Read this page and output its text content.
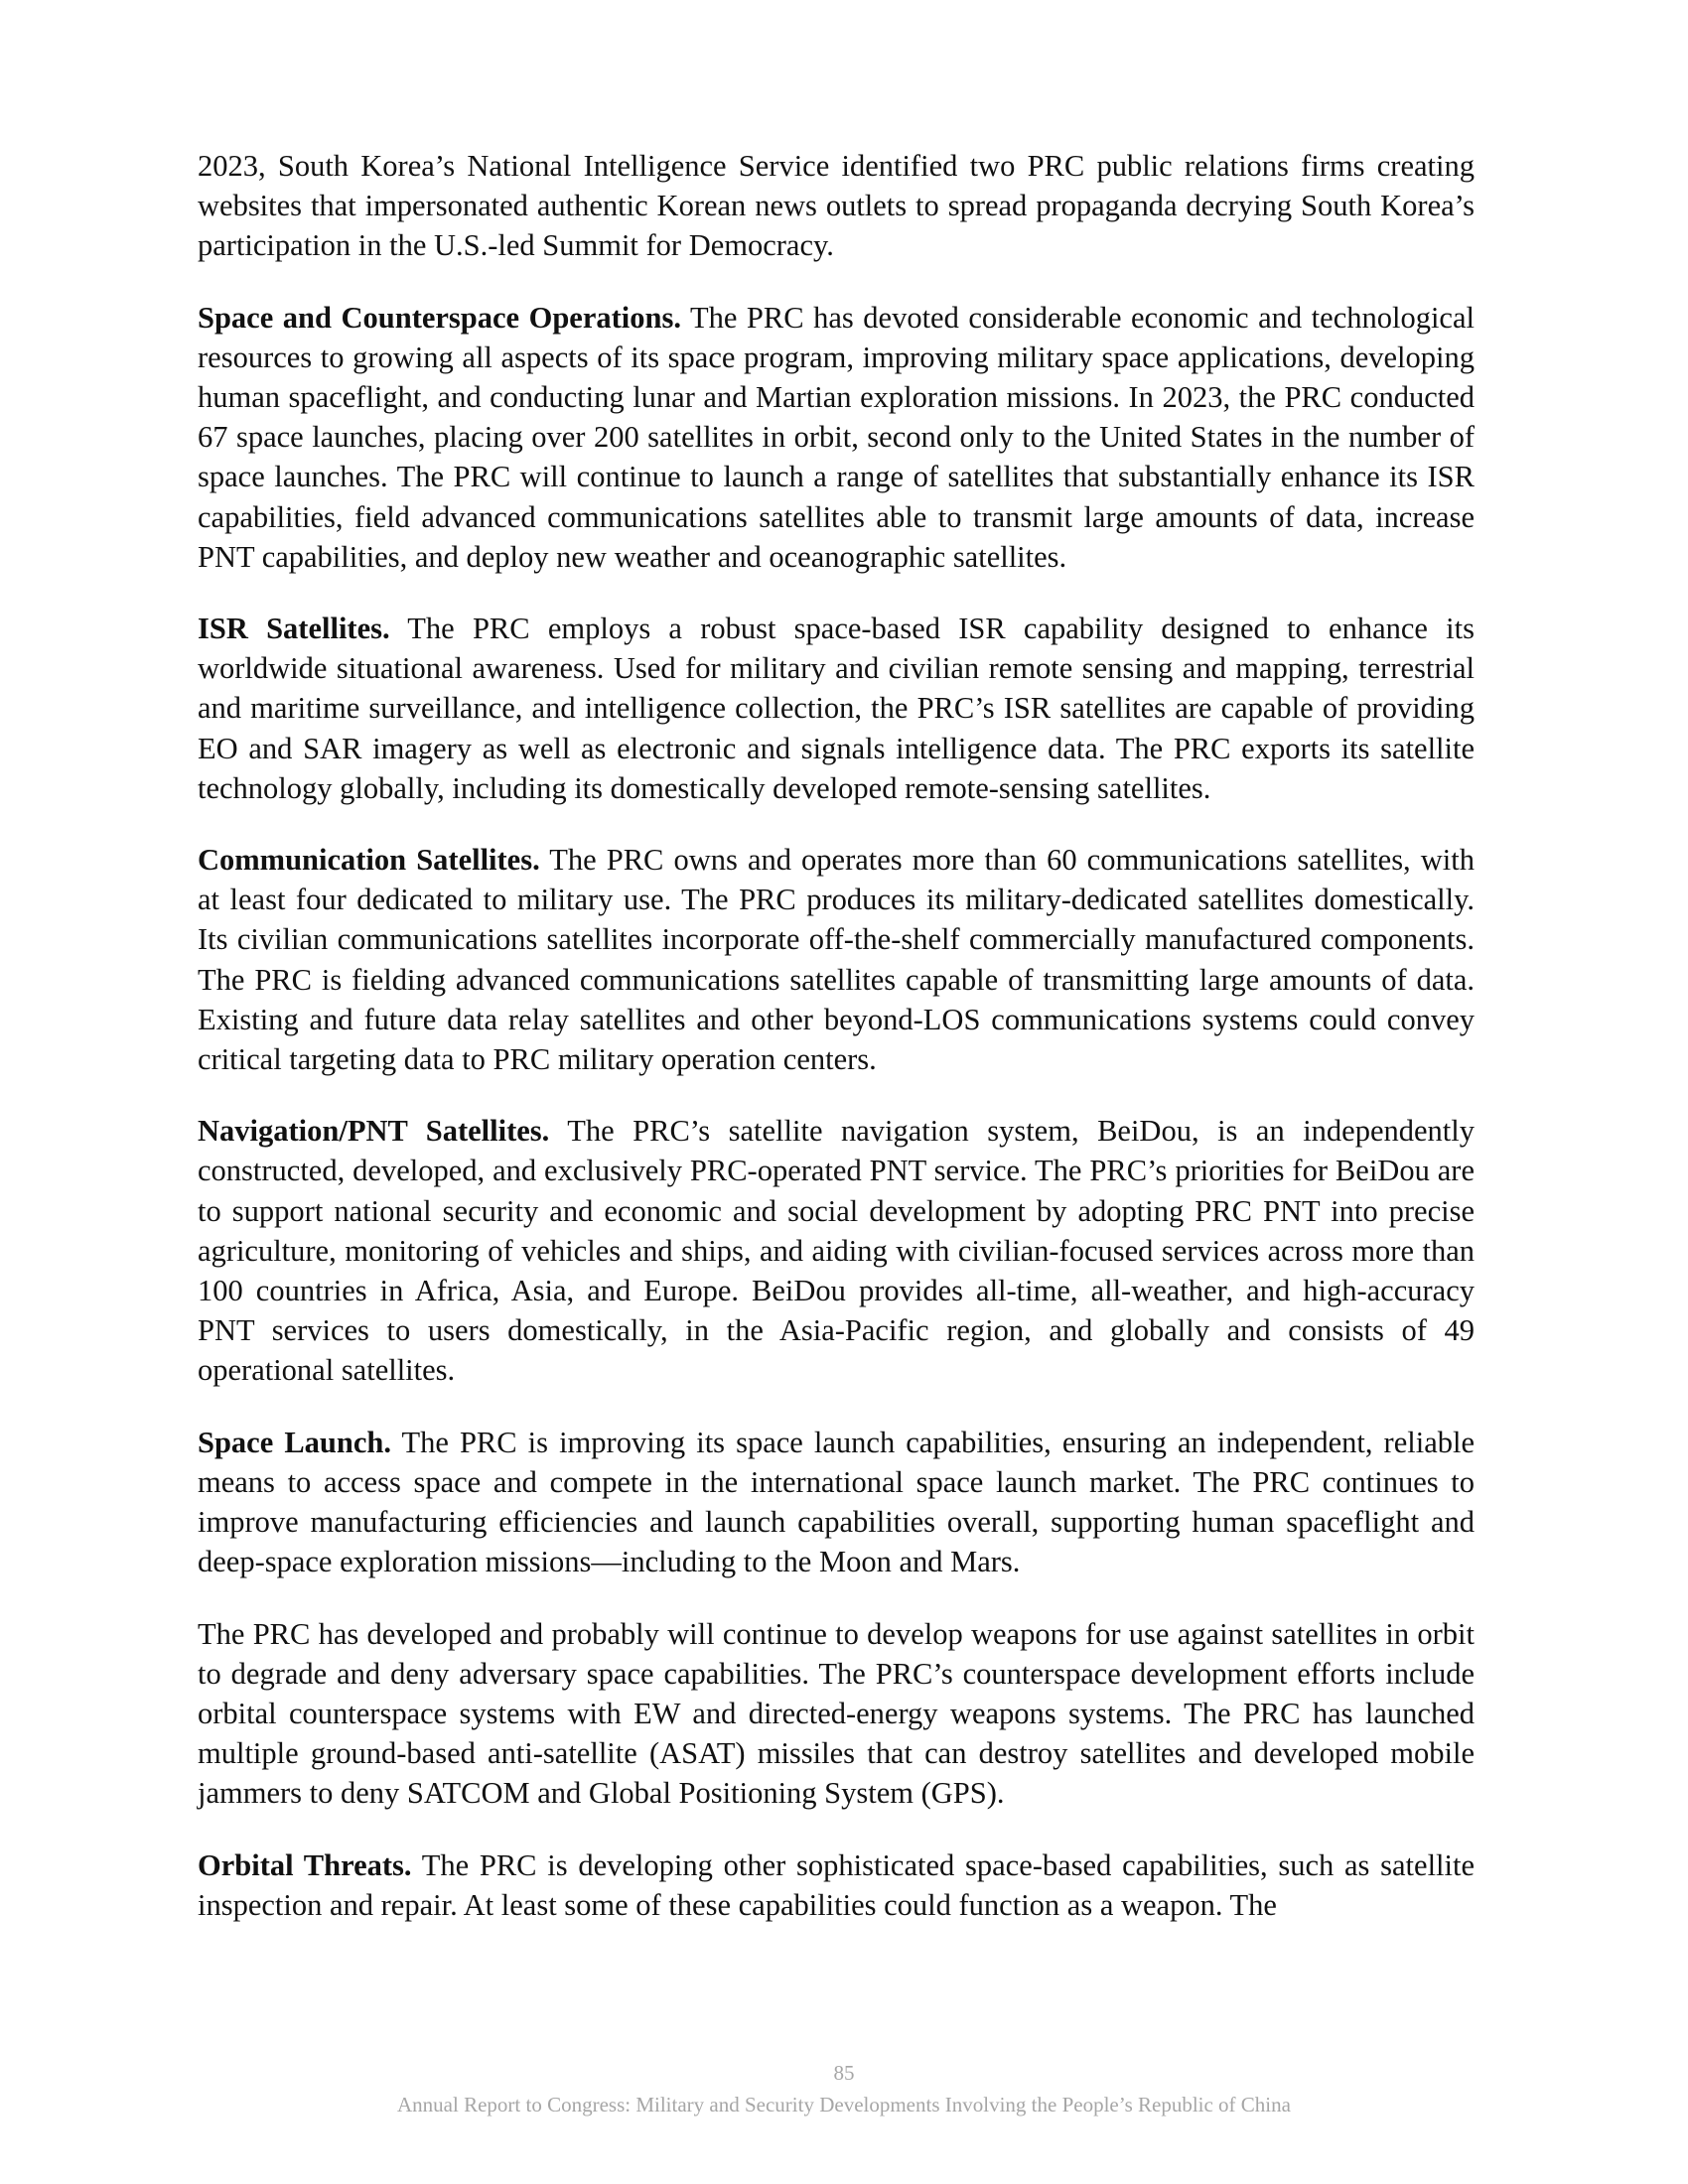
2023, South Korea’s National Intelligence Service identified two PRC public relations firms creating websites that impersonated authentic Korean news outlets to spread propaganda decrying South Korea’s participation in the U.S.-led Summit for Democracy.

Space and Counterspace Operations. The PRC has devoted considerable economic and technological resources to growing all aspects of its space program, improving military space applications, developing human spaceflight, and conducting lunar and Martian exploration missions. In 2023, the PRC conducted 67 space launches, placing over 200 satellites in orbit, second only to the United States in the number of space launches. The PRC will continue to launch a range of satellites that substantially enhance its ISR capabilities, field advanced communications satellites able to transmit large amounts of data, increase PNT capabilities, and deploy new weather and oceanographic satellites.

ISR Satellites. The PRC employs a robust space-based ISR capability designed to enhance its worldwide situational awareness. Used for military and civilian remote sensing and mapping, terrestrial and maritime surveillance, and intelligence collection, the PRC’s ISR satellites are capable of providing EO and SAR imagery as well as electronic and signals intelligence data. The PRC exports its satellite technology globally, including its domestically developed remote-sensing satellites.

Communication Satellites. The PRC owns and operates more than 60 communications satellites, with at least four dedicated to military use. The PRC produces its military-dedicated satellites domestically. Its civilian communications satellites incorporate off-the-shelf commercially manufactured components. The PRC is fielding advanced communications satellites capable of transmitting large amounts of data. Existing and future data relay satellites and other beyond-LOS communications systems could convey critical targeting data to PRC military operation centers.

Navigation/PNT Satellites. The PRC’s satellite navigation system, BeiDou, is an independently constructed, developed, and exclusively PRC-operated PNT service. The PRC’s priorities for BeiDou are to support national security and economic and social development by adopting PRC PNT into precise agriculture, monitoring of vehicles and ships, and aiding with civilian-focused services across more than 100 countries in Africa, Asia, and Europe. BeiDou provides all-time, all-weather, and high-accuracy PNT services to users domestically, in the Asia-Pacific region, and globally and consists of 49 operational satellites.

Space Launch. The PRC is improving its space launch capabilities, ensuring an independent, reliable means to access space and compete in the international space launch market. The PRC continues to improve manufacturing efficiencies and launch capabilities overall, supporting human spaceflight and deep-space exploration missions—including to the Moon and Mars.

The PRC has developed and probably will continue to develop weapons for use against satellites in orbit to degrade and deny adversary space capabilities. The PRC’s counterspace development efforts include orbital counterspace systems with EW and directed-energy weapons systems. The PRC has launched multiple ground-based anti-satellite (ASAT) missiles that can destroy satellites and developed mobile jammers to deny SATCOM and Global Positioning System (GPS).

Orbital Threats. The PRC is developing other sophisticated space-based capabilities, such as satellite inspection and repair. At least some of these capabilities could function as a weapon. The

85
Annual Report to Congress: Military and Security Developments Involving the People’s Republic of China
